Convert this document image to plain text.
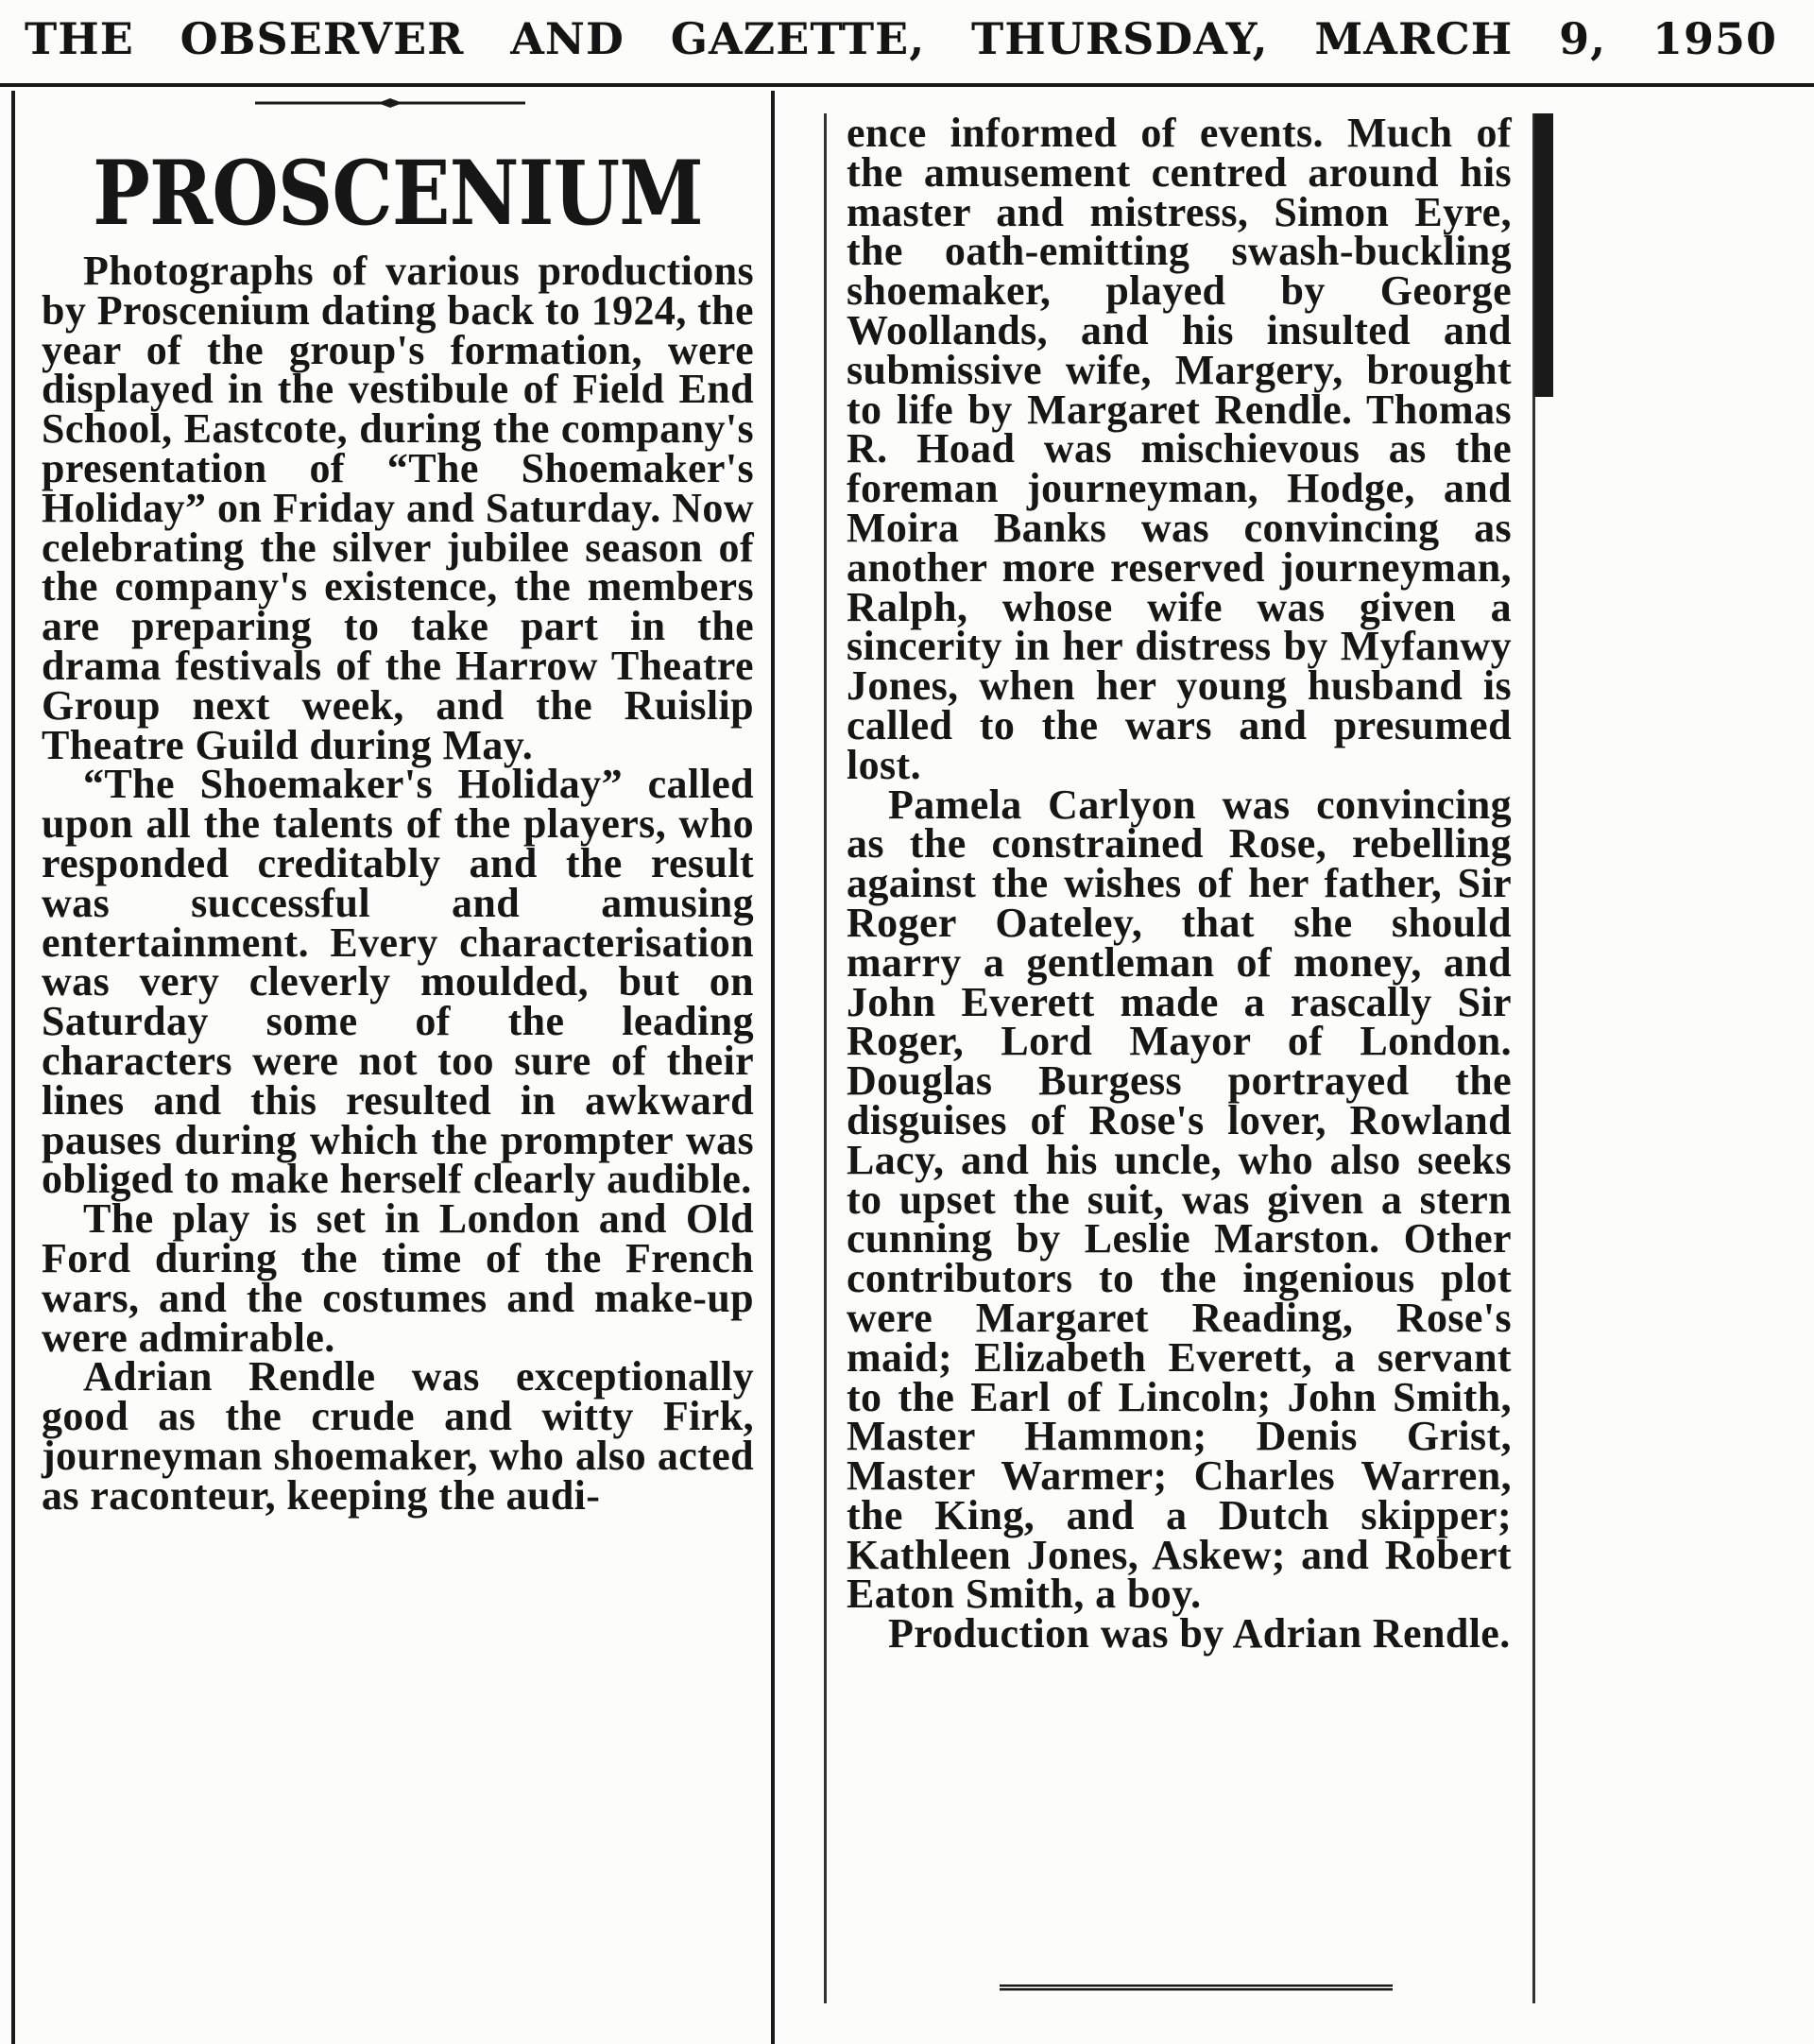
THE OBSERVER AND GAZETTE, THURSDAY, MARCH 9, 1950
PROSCENIUM

Photographs of various productions by Proscenium dating back to 1924, the year of the group's formation, were displayed in the vestibule of Field End School, Eastcote, during the company's presentation of “The Shoemaker's Holiday” on Friday and Saturday. Now celebrating the silver jubilee season of the company's existence, the members are preparing to take part in the drama festivals of the Harrow Theatre Group next week, and the Ruislip Theatre Guild during May.

“The Shoemaker's Holiday” called upon all the talents of the players, who responded creditably and the result was successful and amusing entertainment. Every characterisation was very cleverly moulded, but on Saturday some of the leading characters were not too sure of their lines and this resulted in awkward pauses during which the prompter was obliged to make herself clearly audible.

The play is set in London and Old Ford during the time of the French wars, and the costumes and make-up were admirable.

Adrian Rendle was exceptionally good as the crude and witty Firk, journeyman shoemaker, who also acted as raconteur, keeping the audi-

ence informed of events. Much of the amusement centred around his master and mistress, Simon Eyre, the oath-emitting swash-buckling shoemaker, played by George Woollands, and his insulted and submissive wife, Margery, brought to life by Margaret Rendle. Thomas R. Hoad was mischievous as the foreman journeyman, Hodge, and Moira Banks was convincing as another more reserved journeyman, Ralph, whose wife was given a sincerity in her distress by Myfanwy Jones, when her young husband is called to the wars and presumed lost.

Pamela Carlyon was convincing as the constrained Rose, rebelling against the wishes of her father, Sir Roger Oateley, that she should marry a gentleman of money, and John Everett made a rascally Sir Roger, Lord Mayor of London. Douglas Burgess portrayed the disguises of Rose's lover, Rowland Lacy, and his uncle, who also seeks to upset the suit, was given a stern cunning by Leslie Marston. Other contributors to the ingenious plot were Margaret Reading, Rose's maid; Elizabeth Everett, a servant to the Earl of Lincoln; John Smith, Master Hammon; Denis Grist, Master Warmer; Charles Warren, the King, and a Dutch skipper; Kathleen Jones, Askew; and Robert Eaton Smith, a boy.

Production was by Adrian Rendle.
